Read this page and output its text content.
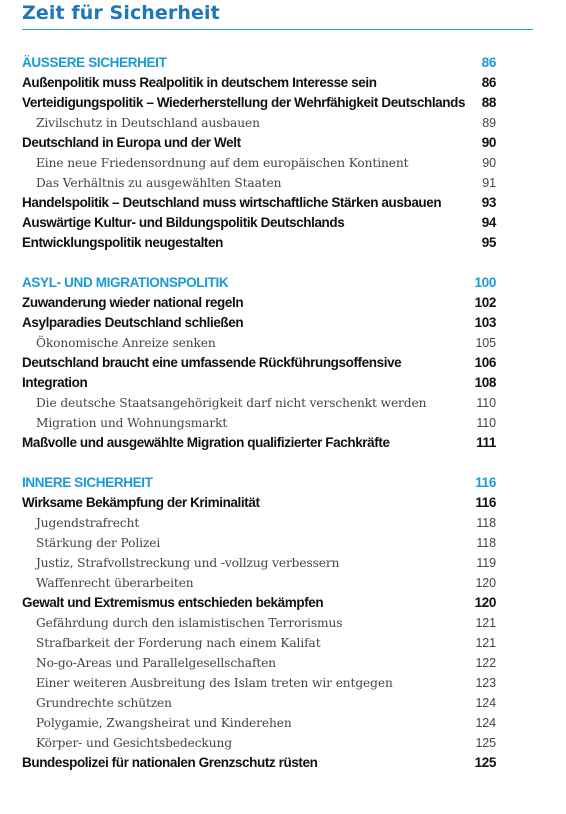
Zeit für Sicherheit
ÄUSSERE SICHERHEIT	86
Außenpolitik muss Realpolitik in deutschem Interesse sein	86
Verteidigungspolitik – Wiederherstellung der Wehrfähigkeit Deutschlands 88
Zivilschutz in Deutschland ausbauen	89
Deutschland in Europa und der Welt	90
Eine neue Friedensordnung auf dem europäischen Kontinent	90
Das Verhältnis zu ausgewählten Staaten	91
Handelspolitik – Deutschland muss wirtschaftliche Stärken ausbauen	93
Auswärtige Kultur- und Bildungspolitik Deutschlands	94
Entwicklungspolitik neugestalten	95
ASYL- UND MIGRATIONSPOLITIK	100
Zuwanderung wieder national regeln	102
Asylparadies Deutschland schließen	103
Ökonomische Anreize senken	105
Deutschland braucht eine umfassende Rückführungsoffensive	106
Integration	108
Die deutsche Staatsangehörigkeit darf nicht verschenkt werden	110
Migration und Wohnungsmarkt	110
Maßvolle und ausgewählte Migration qualifizierter Fachkräfte	111
INNERE SICHERHEIT	116
Wirksame Bekämpfung der Kriminalität	116
Jugendstrafrecht	118
Stärkung der Polizei	118
Justiz, Strafvollstreckung und -vollzug verbessern	119
Waffenrecht überarbeiten	120
Gewalt und Extremismus entschieden bekämpfen	120
Gefährdung durch den islamistischen Terrorismus	121
Strafbarkeit der Forderung nach einem Kalifat	121
No-go-Areas und Parallelgesellschaften	122
Einer weiteren Ausbreitung des Islam treten wir entgegen	123
Grundrechte schützen	124
Polygamie, Zwangsheirat und Kinderehen	124
Körper- und Gesichtsbedeckung	125
Bundespolizei für nationalen Grenzschutz rüsten	125
